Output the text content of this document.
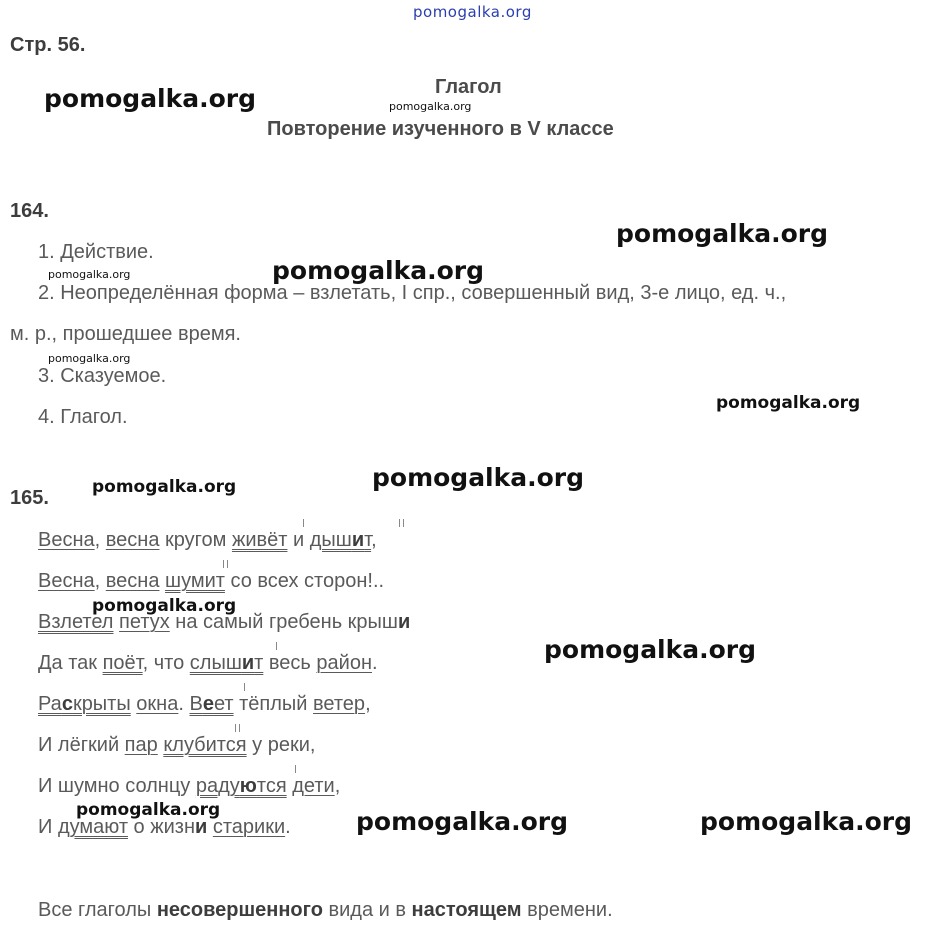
pomogalka.org
Стр. 56.
Глагол
Повторение изученного в V классе
164.
1. Действие.
2. Неопределённая форма – взлетать, I спр., совершенный вид, 3-е лицо, ед. ч.,
м. р., прошедшее время.
3. Сказуемое.
4. Глагол.
165.
Весна, весна кругом живёт и дышит,
Весна, весна шумит со всех сторон!..
Взлетел петух на самый гребень крыши
Да так поёт, что слышит весь район.
Раскрыты окна. Веет тёплый ветер,
И лёгкий пар клубится у реки,
И шумно солнцу радуются дети,
И думают о жизни старики.
Все глаголы несовершенного вида и в настоящем времени.
pomogalka.org	pomogalka.org
pomogalka.org
pomogalka.org
pomogalka.org
pomogalka.org
pomogalka.org
pomogalka.org
pomogalka.org
pomogalka.org
pomogalka.org
pomogalka.org	pomogalka.org	pomogalka.org
